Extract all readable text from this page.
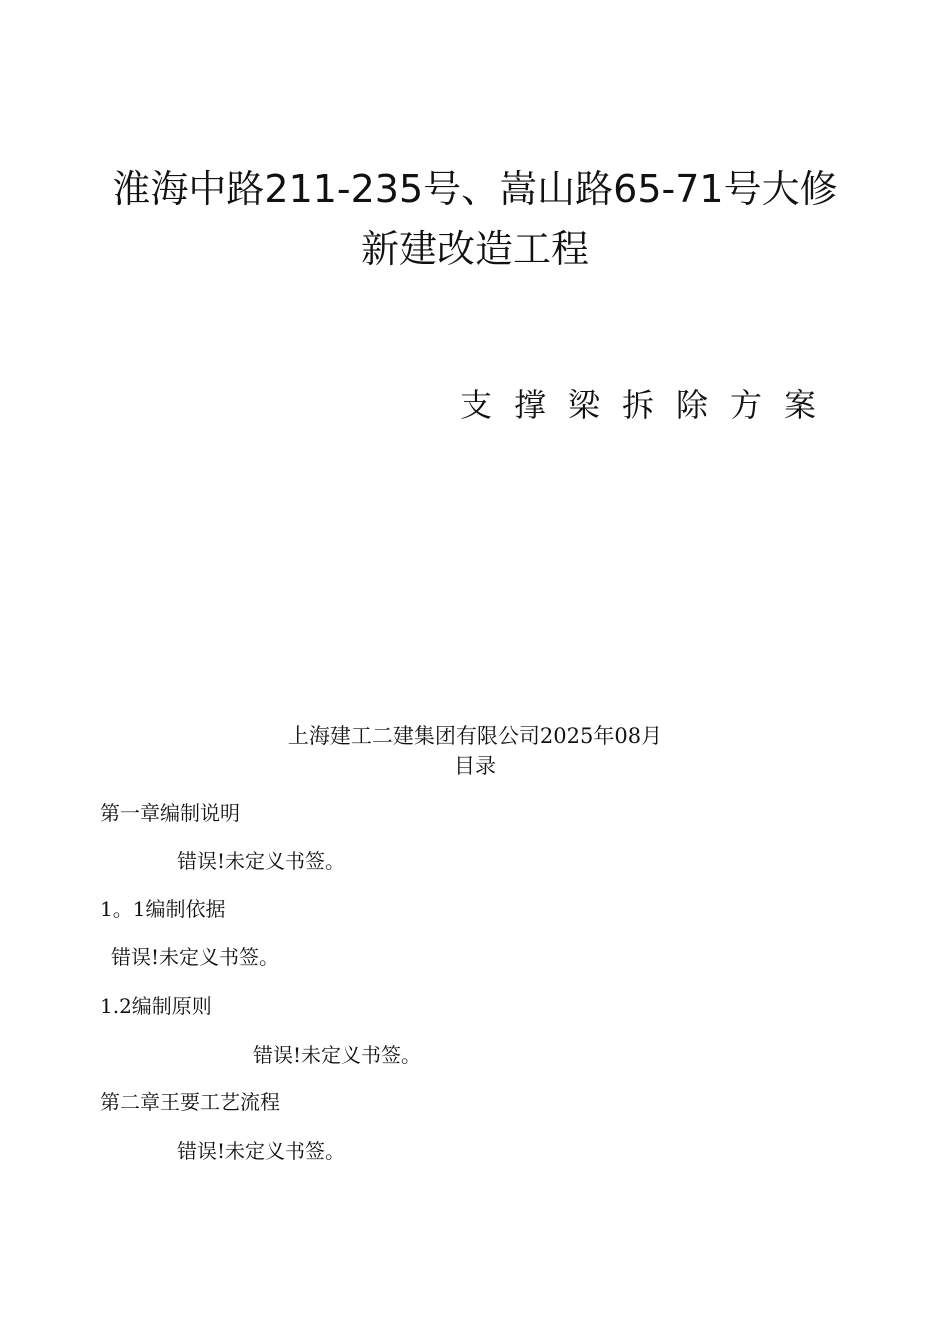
淮海中路211-235号、嵩山路65-71号大修
新建改造工程
支撑梁拆除方案
上海建工二建集团有限公司2025年08月
目录
第一章编制说明
错误!未定义书签。
1。1编制依据
错误!未定义书签。
1.2编制原则
错误!未定义书签。
第二章王要工艺流程
错误!未定义书签。
